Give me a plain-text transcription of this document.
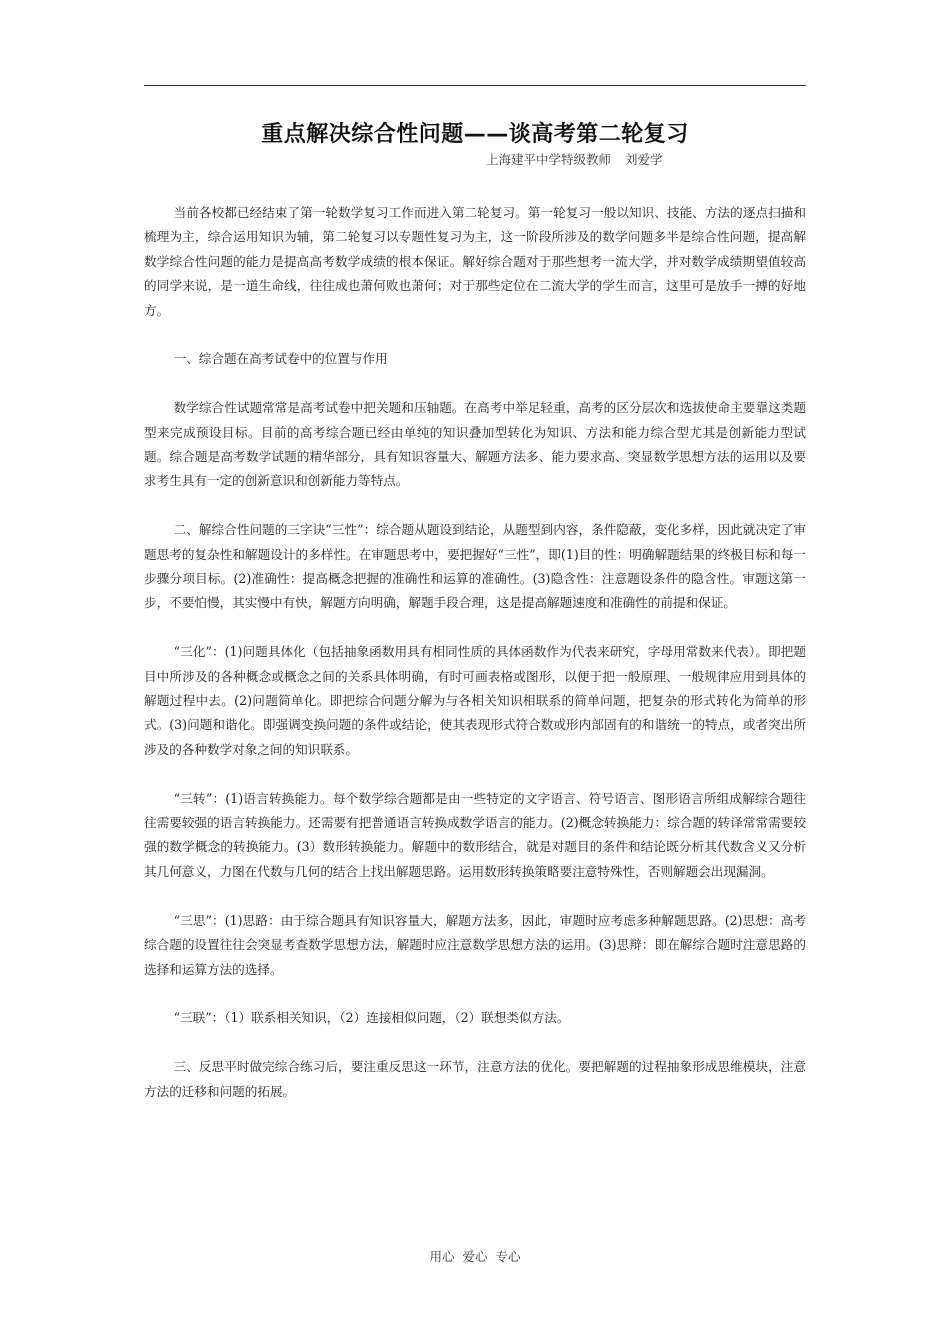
重点解决综合性问题——谈高考第二轮复习
上海建平中学特级教师 刘爱学

当前各校都已经结束了第一轮数学复习工作而进入第二轮复习。第一轮复习一般以知识、技能、方法的逐点扫描和梳理为主，综合运用知识为辅，第二轮复习以专题性复习为主，这一阶段所涉及的数学问题多半是综合性问题，提高解数学综合性问题的能力是提高高考数学成绩的根本保证。解好综合题对于那些想考一流大学，并对数学成绩期望值较高的同学来说，是一道生命线，往往成也萧何败也萧何；对于那些定位在二流大学的学生而言，这里可是放手一搏的好地方。

一、综合题在高考试卷中的位置与作用

数学综合性试题常常是高考试卷中把关题和压轴题。在高考中举足轻重，高考的区分层次和选拔使命主要靠这类题型来完成预设目标。目前的高考综合题已经由单纯的知识叠加型转化为知识、方法和能力综合型尤其是创新能力型试题。综合题是高考数学试题的精华部分，具有知识容量大、解题方法多、能力要求高、突显数学思想方法的运用以及要求考生具有一定的创新意识和创新能力等特点。

二、解综合性问题的三字诀“三性”：综合题从题设到结论，从题型到内容，条件隐蔽，变化多样，因此就决定了审题思考的复杂性和解题设计的多样性。在审题思考中，要把握好“三性”，即(1)目的性：明确解题结果的终极目标和每一步骤分项目标。(2)准确性：提高概念把握的准确性和运算的准确性。(3)隐含性：注意题设条件的隐含性。审题这第一步，不要怕慢，其实慢中有快，解题方向明确，解题手段合理，这是提高解题速度和准确性的前提和保证。

“三化”：(1)问题具体化（包括抽象函数用具有相同性质的具体函数作为代表来研究，字母用常数来代表）。即把题目中所涉及的各种概念或概念之间的关系具体明确，有时可画表格或图形，以便于把一般原理、一般规律应用到具体的解题过程中去。(2)问题简单化。即把综合问题分解为与各相关知识相联系的简单问题，把复杂的形式转化为简单的形式。(3)问题和谐化。即强调变换问题的条件或结论，使其表现形式符合数或形内部固有的和谐统一的特点，或者突出所涉及的各种数学对象之间的知识联系。

“三转”：(1)语言转换能力。每个数学综合题都是由一些特定的文字语言、符号语言、图形语言所组成解综合题往往需要较强的语言转换能力。还需要有把普通语言转换成数学语言的能力。(2)概念转换能力：综合题的转译常常需要较强的数学概念的转换能力。(3）数形转换能力。解题中的数形结合，就是对题目的条件和结论既分析其代数含义又分析其几何意义，力图在代数与几何的结合上找出解题思路。运用数形转换策略要注意特殊性，否则解题会出现漏洞。

“三思”：(1)思路：由于综合题具有知识容量大，解题方法多，因此，审题时应考虑多种解题思路。(2)思想：高考综合题的设置往往会突显考查数学思想方法，解题时应注意数学思想方法的运用。(3)思辩：即在解综合题时注意思路的选择和运算方法的选择。

“三联”：（1）联系相关知识，（2）连接相似问题，（2）联想类似方法。

三、反思平时做完综合练习后，要注重反思这一环节，注意方法的优化。要把解题的过程抽象形成思维模块，注意方法的迁移和问题的拓展。

用心 爱心 专心
